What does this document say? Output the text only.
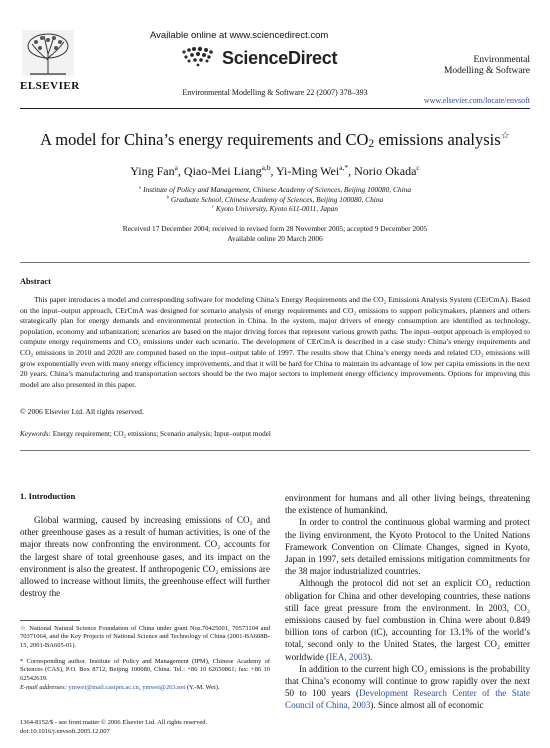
Available online at www.sciencedirect.com
ScienceDirect
ELSEVIER
Environmental Modelling & Software 22 (2007) 378–393
Environmental
Modelling & Software
www.elsevier.com/locate/envsoft
A model for China’s energy requirements and $CO_2$ emissions analysis☆
Ying Fan$^a$, Qiao-Mei Liang$^{a,b}$, Yi-Ming Wei$^{a,*}$, Norio Okada$^c$
$^a$ Institute of Policy and Management, Chinese Academy of Sciences, Beijing 100080, China
$^b$ Graduate School, Chinese Academy of Sciences, Beijing 100080, China
$^c$ Kyoto University, Kyoto 611-0011, Japan
Received 17 December 2004; received in revised form 28 November 2005; accepted 9 December 2005
Available online 20 March 2006
Abstract
This paper introduces a model and corresponding software for modeling China’s Energy Requirements and the CO₂ Emissions Analysis System (CErCmA). Based on the input–output approach, CErCmA was designed for scenario analysis of energy requirements and CO₂ emissions to support policymakers, planners and others strategically plan for energy demands and environmental protection in China. In the system, major drivers of energy consumption are identified as technology, population, economy and urbanization; scenarios are based on the major driving forces that represent various growth paths. The input–output approach is employed to compute energy requirements and CO₂ emissions under each scenario. The development of CErCmA is described in a case study: China’s energy requirements and CO₂ emissions in 2010 and 2020 are computed based on the input–output table of 1997. The results show that China’s energy needs and related CO₂ emissions will grow exponentially even with many energy efficiency improvements, and that it will be hard for China to maintain its advantage of low per capita emissions in the next 20 years. China’s manufacturing and transportation sectors should be the two major sectors to implement energy efficiency improvements. Options for improving this model are also presented in this paper.
© 2006 Elsevier Ltd. All rights reserved.
Keywords: Energy requirement; CO₂ emissions; Scenario analysis; Input–output model
1. Introduction
Global warming, caused by increasing emissions of CO₂ and other greenhouse gases as a result of human activities, is one of the major threats now confronting the environment. CO₂ accounts for the largest share of total greenhouse gases, and its impact on the environment is also the greatest. If anthropogenic CO₂ emissions are allowed to increase without limits, the greenhouse effect will further destroy the
☆ National Natural Science Foundation of China under grant Nos.70425001, 70573104 and 70371064, and the Key Projects of National Science and Technology of China (2001-BA608B-15, 2001-BA605-01).
* Corresponding author. Institute of Policy and Management (IPM), Chinese Academy of Sciences (CAS), P.O. Box 8712, Beijing 100080, China. Tel.: +86 10 62650861; fax: +86 10 62542619.
E-mail addresses: ymwei@mail.casipm.ac.cn, ymwei@263.net (Y.-M. Wei).
1364-8152/$ - see front matter © 2006 Elsevier Ltd. All rights reserved.
doi:10.1016/j.envsoft.2005.12.007

environment for humans and all other living beings, threatening the existence of humankind.

In order to control the continuous global warming and protect the living environment, the Kyoto Protocol to the United Nations Framework Convention on Climate Changes, signed in Kyoto, Japan in 1997, sets detailed emissions mitigation commitments for the 38 major industrialized countries.

Although the protocol did not set an explicit CO₂ reduction obligation for China and other developing countries, these nations still face great pressure from the environment. In 2003, CO₂ emissions caused by fuel combustion in China were about 0.849 billion tons of carbon (tC), accounting for 13.1% of the world’s total, second only to the United States, the largest CO₂ emitter worldwide (IEA, 2003).

In addition to the current high CO₂ emissions is the probability that China’s economy will continue to grow rapidly over the next 50 to 100 years (Development Research Center of the State Council of China, 2003). Since almost all of economic
